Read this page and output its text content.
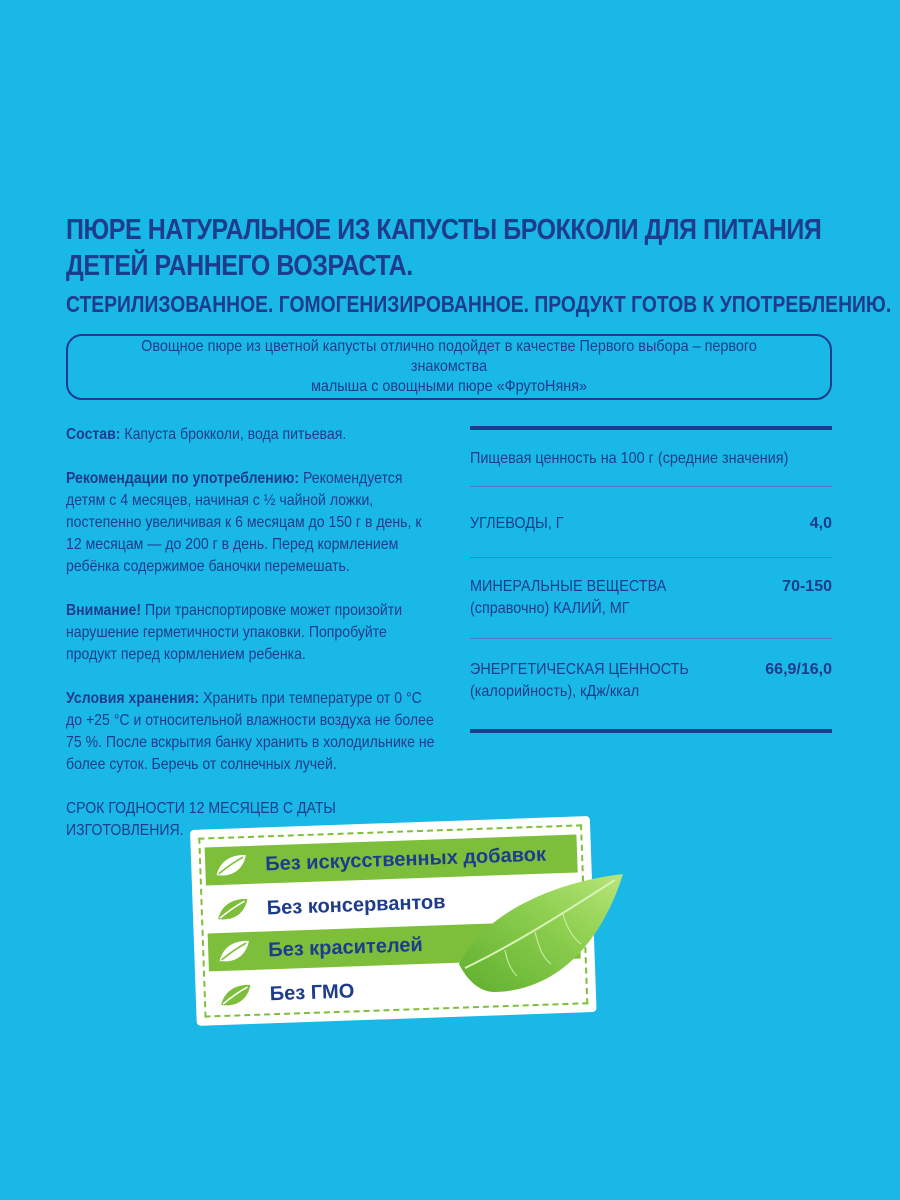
ПЮРЕ НАТУРАЛЬНОЕ ИЗ КАПУСТЫ БРОККОЛИ ДЛЯ ПИТАНИЯ ДЕТЕЙ РАННЕГО ВОЗРАСТА.
СТЕРИЛИЗОВАННОЕ. ГОМОГЕНИЗИРОВАННОЕ. ПРОДУКТ ГОТОВ К УПОТРЕБЛЕНИЮ.

Овощное пюре из цветной капусты отлично подойдет в качестве Первого выбора – первого знакомства
малыша с овощными пюре «ФрутоНяня»

Состав: Капуста брокколи, вода питьевая.

Рекомендации по употреблению: Рекомендуется детям с 4 месяцев, начиная с ½ чайной ложки, постепенно увеличивая к 6 месяцам до 150 г в день, к 12 месяцам — до 200 г в день. Перед кормлением ребёнка содержимое баночки перемешать.

Внимание! При транспортировке может произойти нарушение герметичности упаковки. Попробуйте продукт перед кормлением ребенка.

Условия хранения: Хранить при температуре от 0 °С до +25 °С и относительной влажности воздуха не более 75 %. После вскрытия банку хранить в холодильнике не более суток. Беречь от солнечных лучей.

СРОК ГОДНОСТИ 12 МЕСЯЦЕВ С ДАТЫ ИЗГОТОВЛЕНИЯ.

Пищевая ценность на 100 г (средние значения)
УГЛЕВОДЫ, Г	4,0
МИНЕРАЛЬНЫЕ ВЕЩЕСТВА
(справочно) КАЛИЙ, МГ
70-150
ЭНЕРГЕТИЧЕСКАЯ ЦЕННОСТЬ
(калорийность), кДж/ккал
66,9/16,0
Без искусственных добавок
Без консервантов
Без красителей
Без ГМО
